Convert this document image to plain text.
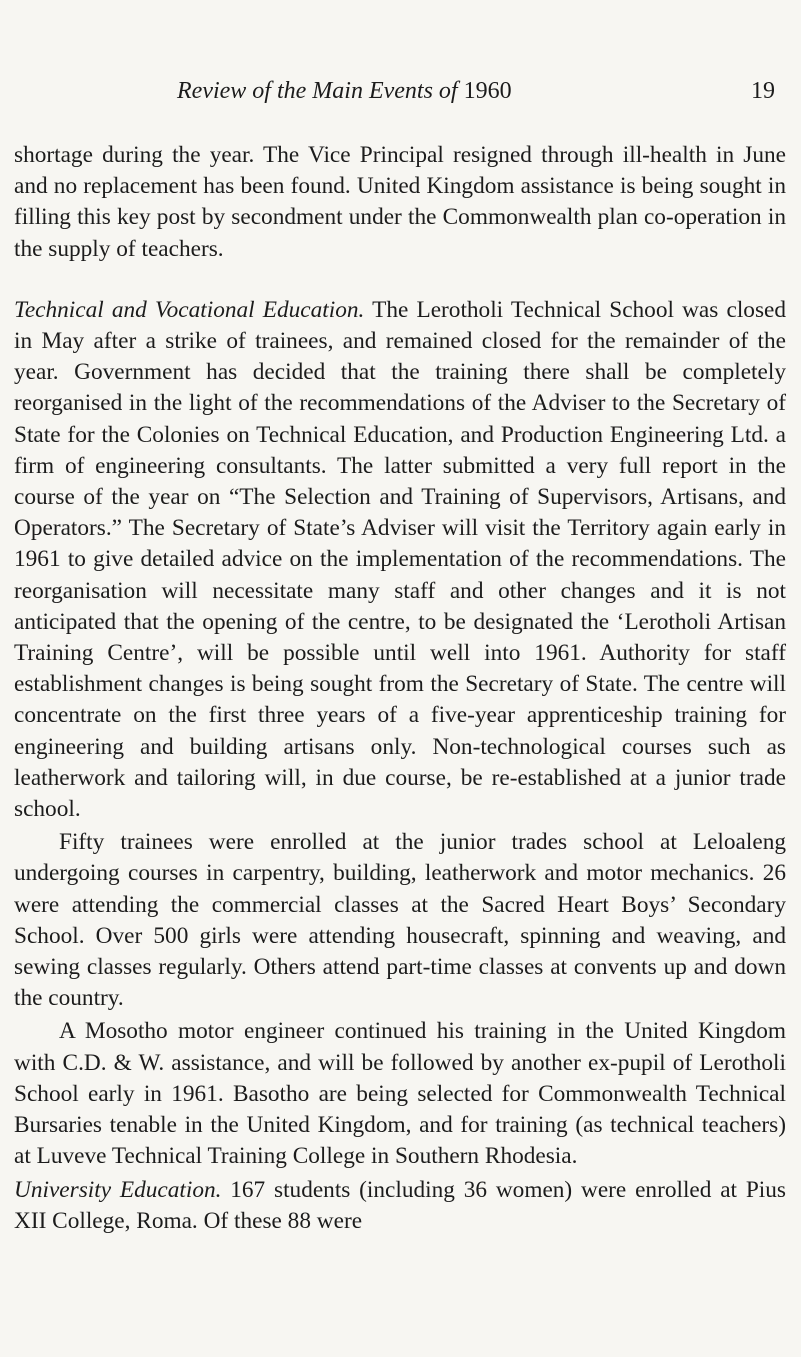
Review of the Main Events of 1960	19

shortage during the year. The Vice Principal resigned through ill-health in June and no replacement has been found. United Kingdom assistance is being sought in filling this key post by secondment under the Commonwealth plan co-operation in the supply of teachers.

Technical and Vocational Education. The Lerotholi Technical School was closed in May after a strike of trainees, and remained closed for the remainder of the year. Government has decided that the training there shall be completely reorganised in the light of the recommendations of the Adviser to the Secretary of State for the Colonies on Technical Education, and Production Engineering Ltd. a firm of engineering consultants. The latter submitted a very full report in the course of the year on “The Selection and Training of Supervisors, Artisans, and Operators.” The Secretary of State’s Adviser will visit the Territory again early in 1961 to give detailed advice on the implementation of the recommendations. The reorganisation will necessitate many staff and other changes and it is not anticipated that the opening of the centre, to be designated the ‘Lerotholi Artisan Training Centre’, will be possible until well into 1961. Authority for staff establishment changes is being sought from the Secretary of State. The centre will concentrate on the first three years of a five-year apprenticeship training for engineering and building artisans only. Non-technological courses such as leatherwork and tailoring will, in due course, be re-established at a junior trade school.

Fifty trainees were enrolled at the junior trades school at Leloaleng undergoing courses in carpentry, building, leatherwork and motor mechanics. 26 were attending the commercial classes at the Sacred Heart Boys’ Secondary School. Over 500 girls were attending housecraft, spinning and weaving, and sewing classes regularly. Others attend part-time classes at convents up and down the country.

A Mosotho motor engineer continued his training in the United Kingdom with C.D. & W. assistance, and will be followed by another ex-pupil of Lerotholi School early in 1961. Basotho are being selected for Commonwealth Technical Bursaries tenable in the United Kingdom, and for training (as technical teachers) at Luveve Technical Training College in Southern Rhodesia.

University Education. 167 students (including 36 women) were enrolled at Pius XII College, Roma. Of these 88 were
